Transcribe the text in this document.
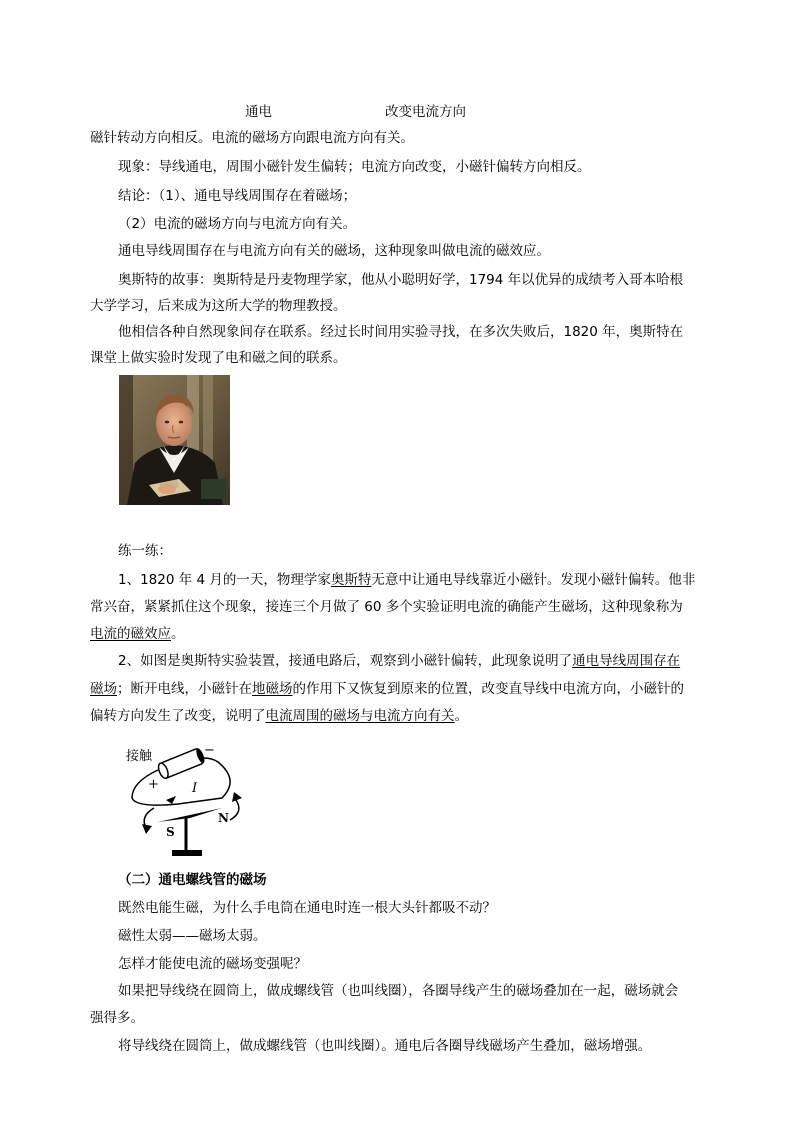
通电	改变电流方向
磁针转动方向相反。电流的磁场方向跟电流方向有关。
现象：导线通电，周围小磁针发生偏转；电流方向改变，小磁针偏转方向相反。
结论：（1）、通电导线周围存在着磁场；
（2）电流的磁场方向与电流方向有关。
通电导线周围存在与电流方向有关的磁场，这种现象叫做电流的磁效应。
奥斯特的故事：奥斯特是丹麦物理学家，他从小聪明好学，1794 年以优异的成绩考入哥本哈根
大学学习，后来成为这所大学的物理教授。
他相信各种自然现象间存在联系。经过长时间用实验寻找，在多次失败后，1820 年，奥斯特在
课堂上做实验时发现了电和磁之间的联系。
练一练：
1、1820 年 4 月的一天，物理学家奥斯特无意中让通电导线靠近小磁针。发现小磁针偏转。他非
常兴奋，紧紧抓住这个现象，接连三个月做了 60 多个实验证明电流的确能产生磁场，这种现象称为
电流的磁效应。
2、如图是奥斯特实验装置，接通电路后，观察到小磁针偏转，此现象说明了通电导线周围存在
磁场；断开电线，小磁针在地磁场的作用下又恢复到原来的位置，改变直导线中电流方向，小磁针的
偏转方向发生了改变，说明了电流周围的磁场与电流方向有关。
接触	−
+	I
S
N
（二）通电螺线管的磁场
既然电能生磁，为什么手电筒在通电时连一根大头针都吸不动？
磁性太弱——磁场太弱。
怎样才能使电流的磁场变强呢？
如果把导线绕在圆筒上，做成螺线管（也叫线圈），各圈导线产生的磁场叠加在一起，磁场就会
强得多。
将导线绕在圆筒上，做成螺线管（也叫线圈）。通电后各圈导线磁场产生叠加，磁场增强。
